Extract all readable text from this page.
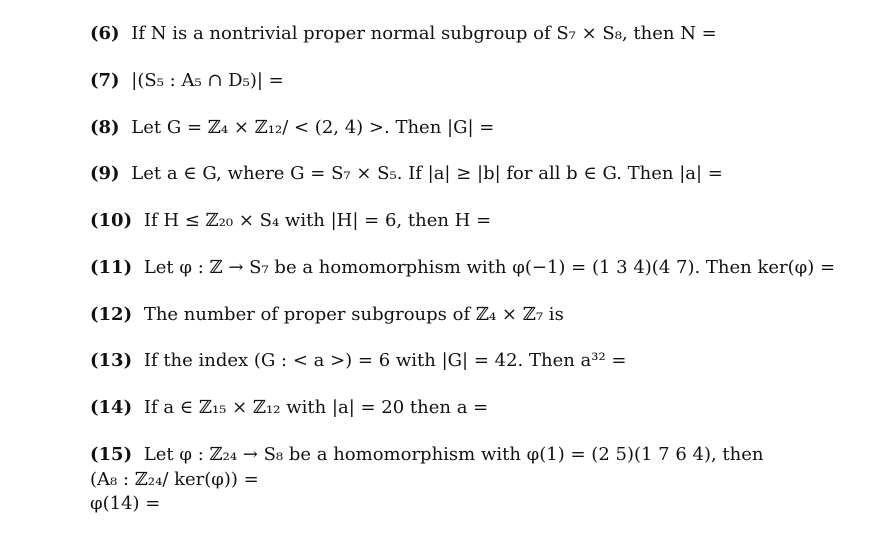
(6) If N is a nontrivial proper normal subgroup of S₇ × S₈, then N =
(7) |(S₅ : A₅ ∩ D₅)| =
(8) Let G = ℤ₄ × ℤ₁₂/ < (2, 4) >. Then |G| =
(9) Let a ∈ G, where G = S₇ × S₅. If |a| ≥ |b| for all b ∈ G. Then |a| =
(10) If H ≤ ℤ₂₀ × S₄ with |H| = 6, then H =
(11) Let φ : ℤ → S₇ be a homomorphism with φ(−1) = (1 3 4)(4 7). Then ker(φ) =
(12) The number of proper subgroups of ℤ₄ × ℤ₇ is
(13) If the index (G : < a >) = 6 with |G| = 42. Then a³² =
(14) If a ∈ ℤ₁₅ × ℤ₁₂ with |a| = 20 then a =
(15) Let φ : ℤ₂₄ → S₈ be a homomorphism with φ(1) = (2 5)(1 7 6 4), then
(A₈ : ℤ₂₄/ ker(φ)) =
φ(14) =
